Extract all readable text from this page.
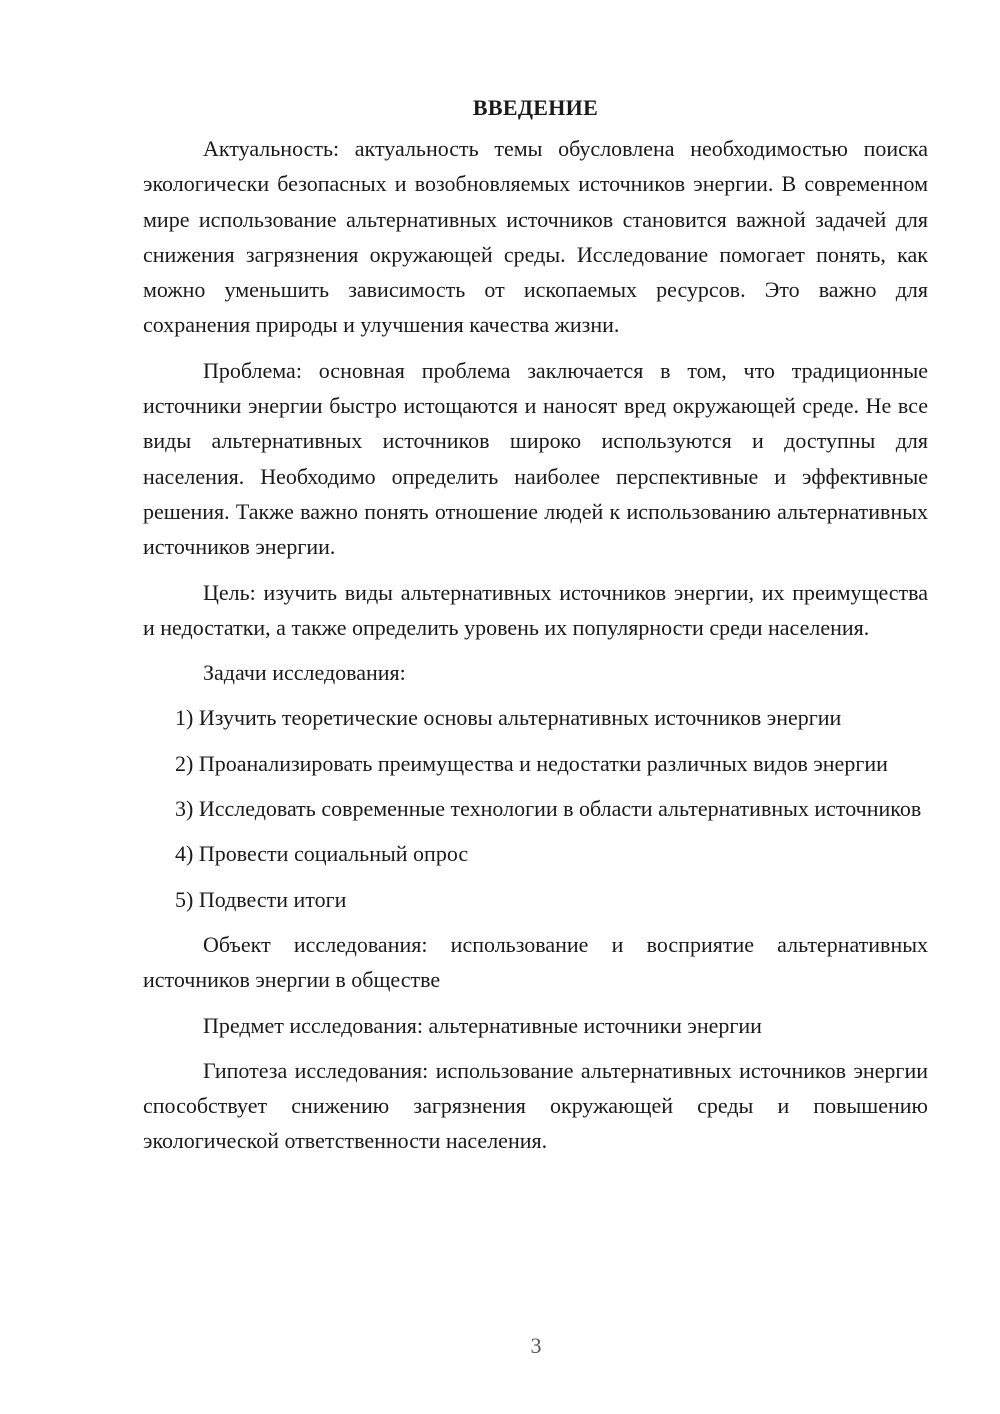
ВВЕДЕНИЕ

Актуальность: актуальность темы обусловлена необходимостью поиска экологически безопасных и возобновляемых источников энергии. В современном мире использование альтернативных источников становится важной задачей для снижения загрязнения окружающей среды. Исследование помогает понять, как можно уменьшить зависимость от ископаемых ресурсов. Это важно для сохранения природы и улучшения качества жизни.

Проблема: основная проблема заключается в том, что традиционные источники энергии быстро истощаются и наносят вред окружающей среде. Не все виды альтернативных источников широко используются и доступны для населения. Необходимо определить наиболее перспективные и эффективные решения. Также важно понять отношение людей к использованию альтернативных источников энергии.

Цель: изучить виды альтернативных источников энергии, их преимущества и недостатки, а также определить уровень их популярности среди населения.

Задачи исследования:

1) Изучить теоретические основы альтернативных источников энергии

2) Проанализировать преимущества и недостатки различных видов энергии

3) Исследовать современные технологии в области альтернативных источников

4) Провести социальный опрос

5) Подвести итоги

Объект исследования: использование и восприятие альтернативных источников энергии в обществе

Предмет исследования: альтернативные источники энергии

Гипотеза исследования: использование альтернативных источников энергии способствует снижению загрязнения окружающей среды и повышению экологической ответственности населения.

3
